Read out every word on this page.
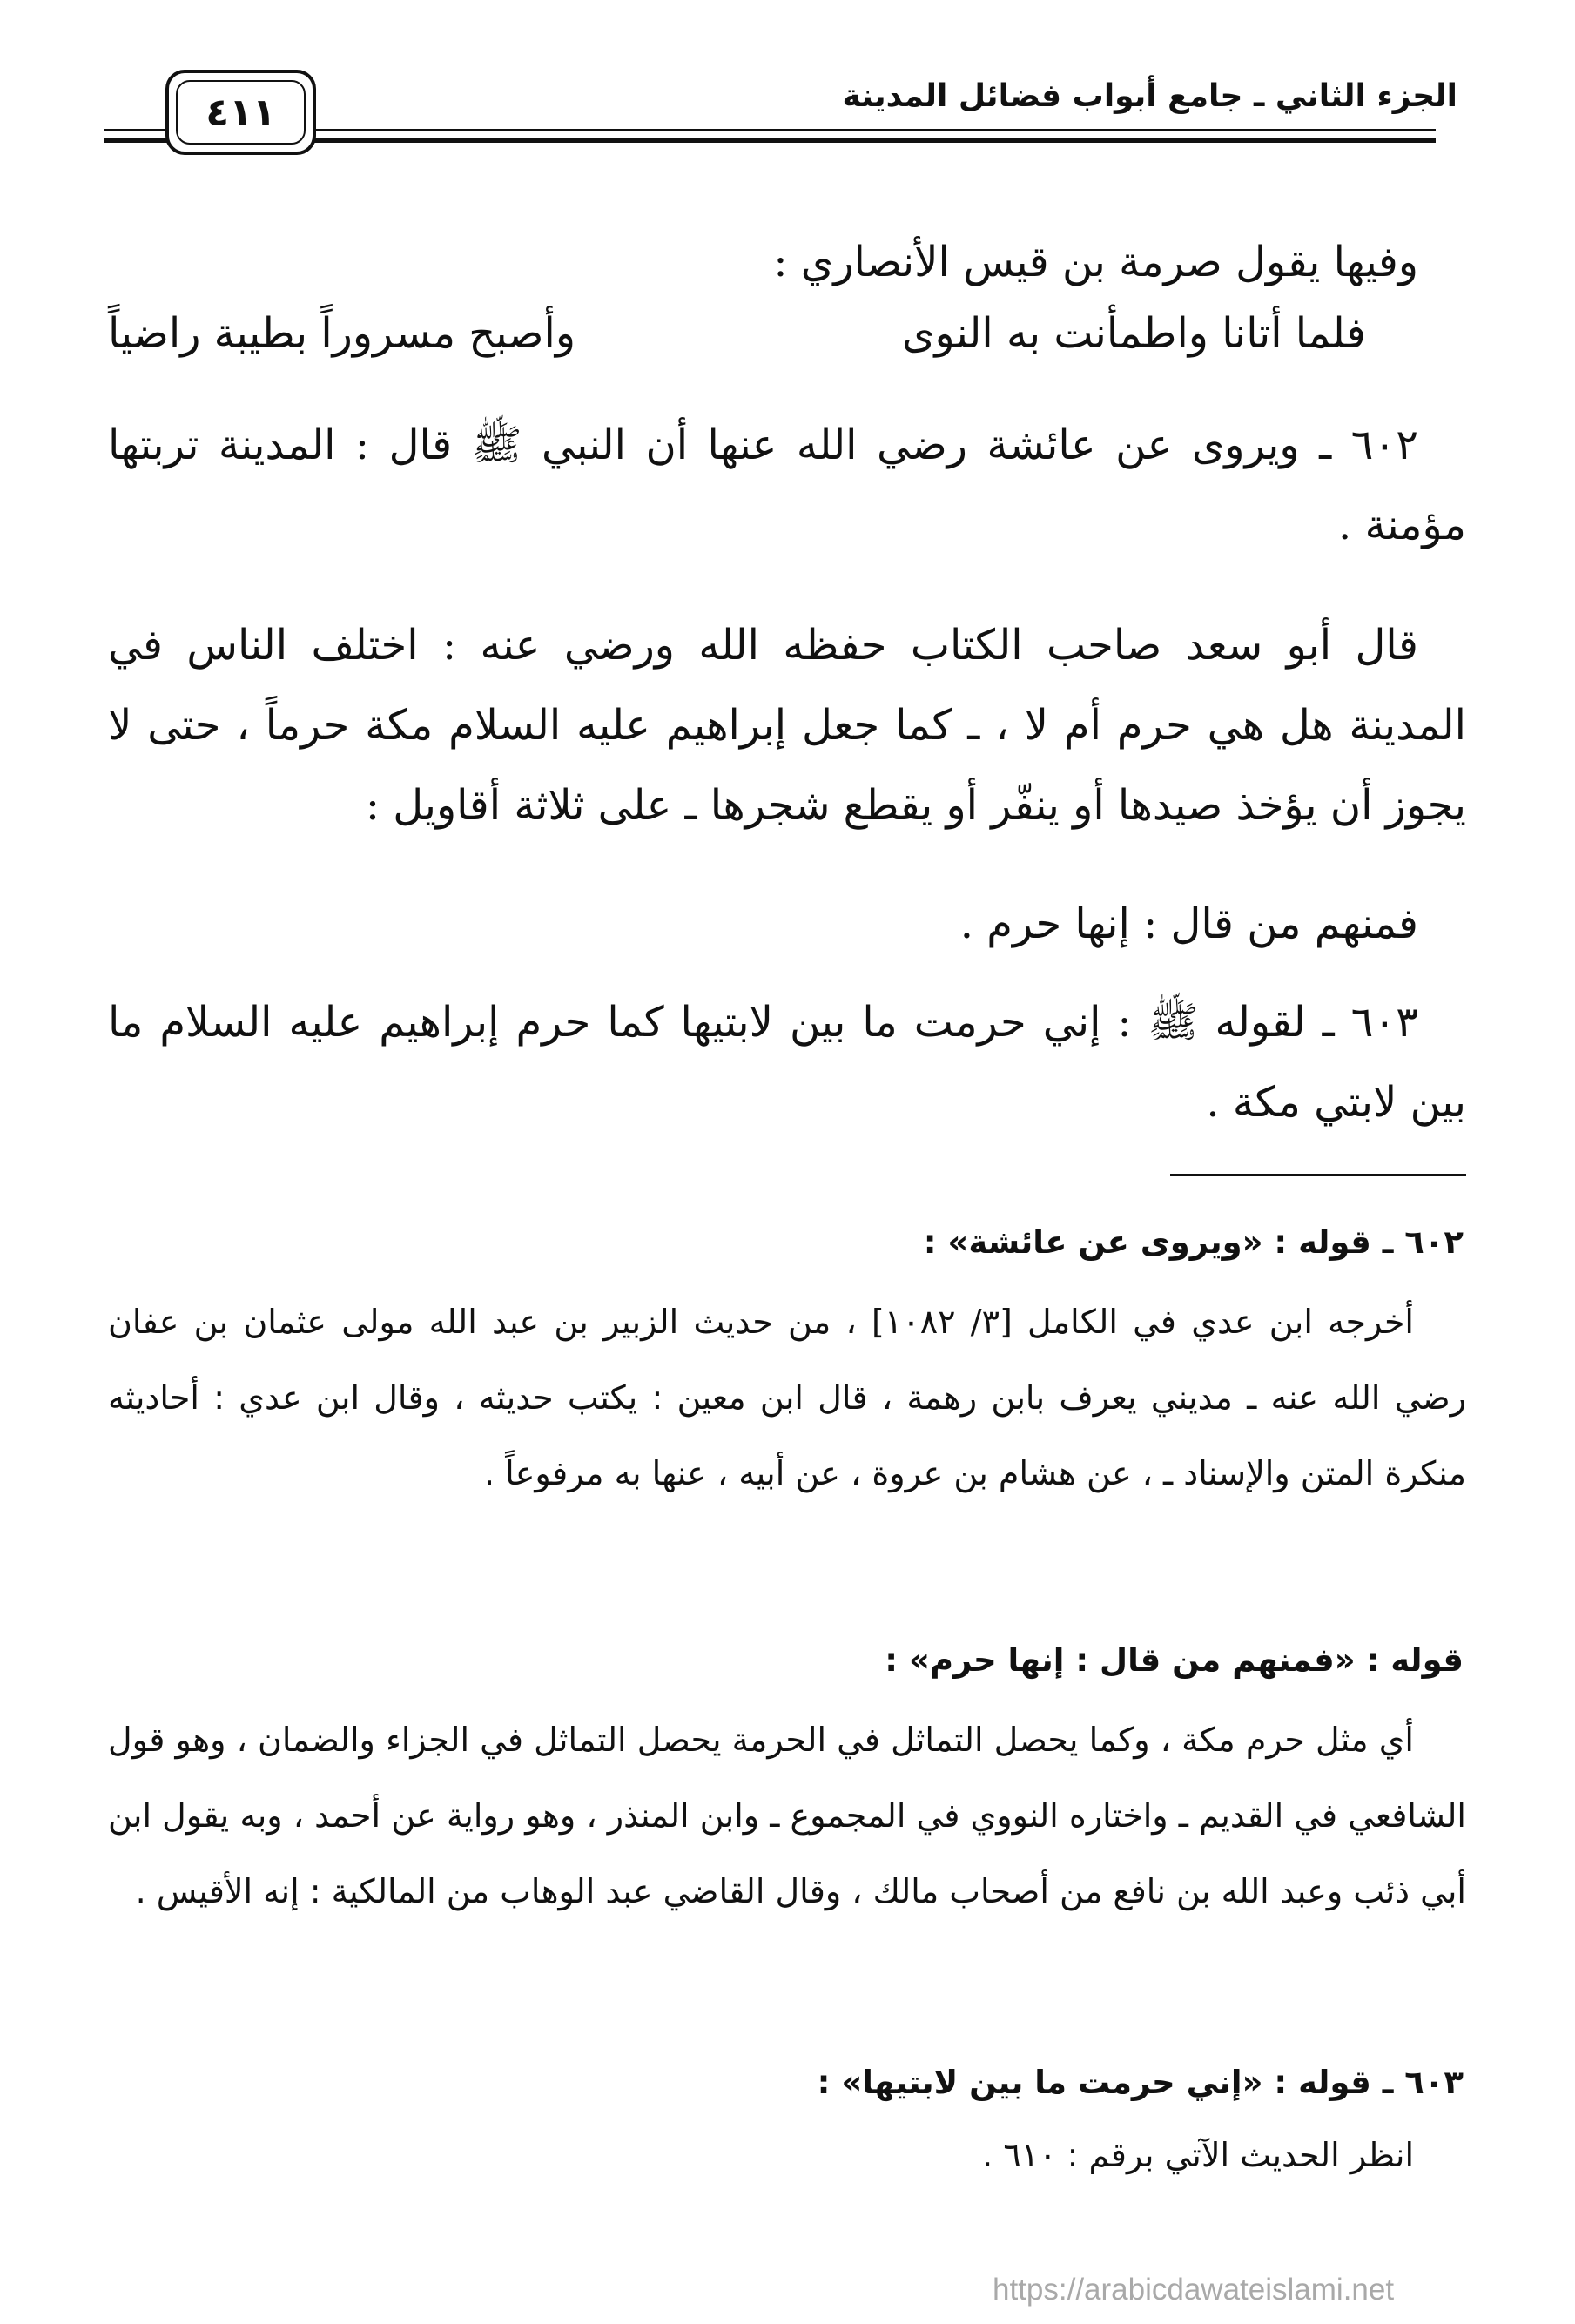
الجزء الثاني ـ جامع أبواب فضائل المدينة
٤١١

وفيها يقول صرمة بن قيس الأنصاري :

فلما أتانا واطمأنت به النوى
وأصبح مسروراً بطيبة راضياً

٦٠٢ ـ ويروى عن عائشة رضي الله عنها أن النبي ﷺ قال : المدينة تربتها مؤمنة .

قال أبو سعد صاحب الكتاب حفظه الله ورضي عنه : اختلف الناس في المدينة هل هي حرم أم لا ، ـ كما جعل إبراهيم عليه السلام مكة حرماً ، حتى لا يجوز أن يؤخذ صيدها أو ينفّر أو يقطع شجرها ـ على ثلاثة أقاويل :

فمنهم من قال : إنها حرم .

٦٠٣ ـ لقوله ﷺ : إني حرمت ما بين لابتيها كما حرم إبراهيم عليه السلام ما بين لابتي مكة .

٦٠٢ ـ قوله : «ويروى عن عائشة» :

أخرجه ابن عدي في الكامل [٣/ ١٠٨٢] ، من حديث الزبير بن عبد الله مولى عثمان بن عفان رضي الله عنه ـ مديني يعرف بابن رهمة ، قال ابن معين : يكتب حديثه ، وقال ابن عدي : أحاديثه منكرة المتن والإسناد ـ ، عن هشام بن عروة ، عن أبيه ، عنها به مرفوعاً .

قوله : «فمنهم من قال : إنها حرم» :

أي مثل حرم مكة ، وكما يحصل التماثل في الحرمة يحصل التماثل في الجزاء والضمان ، وهو قول الشافعي في القديم ـ واختاره النووي في المجموع ـ وابن المنذر ، وهو رواية عن أحمد ، وبه يقول ابن أبي ذئب وعبد الله بن نافع من أصحاب مالك ، وقال القاضي عبد الوهاب من المالكية : إنه الأقيس .

٦٠٣ ـ قوله : «إني حرمت ما بين لابتيها» :

انظر الحديث الآتي برقم : ٦١٠ .

https://arabicdawateislami.net
